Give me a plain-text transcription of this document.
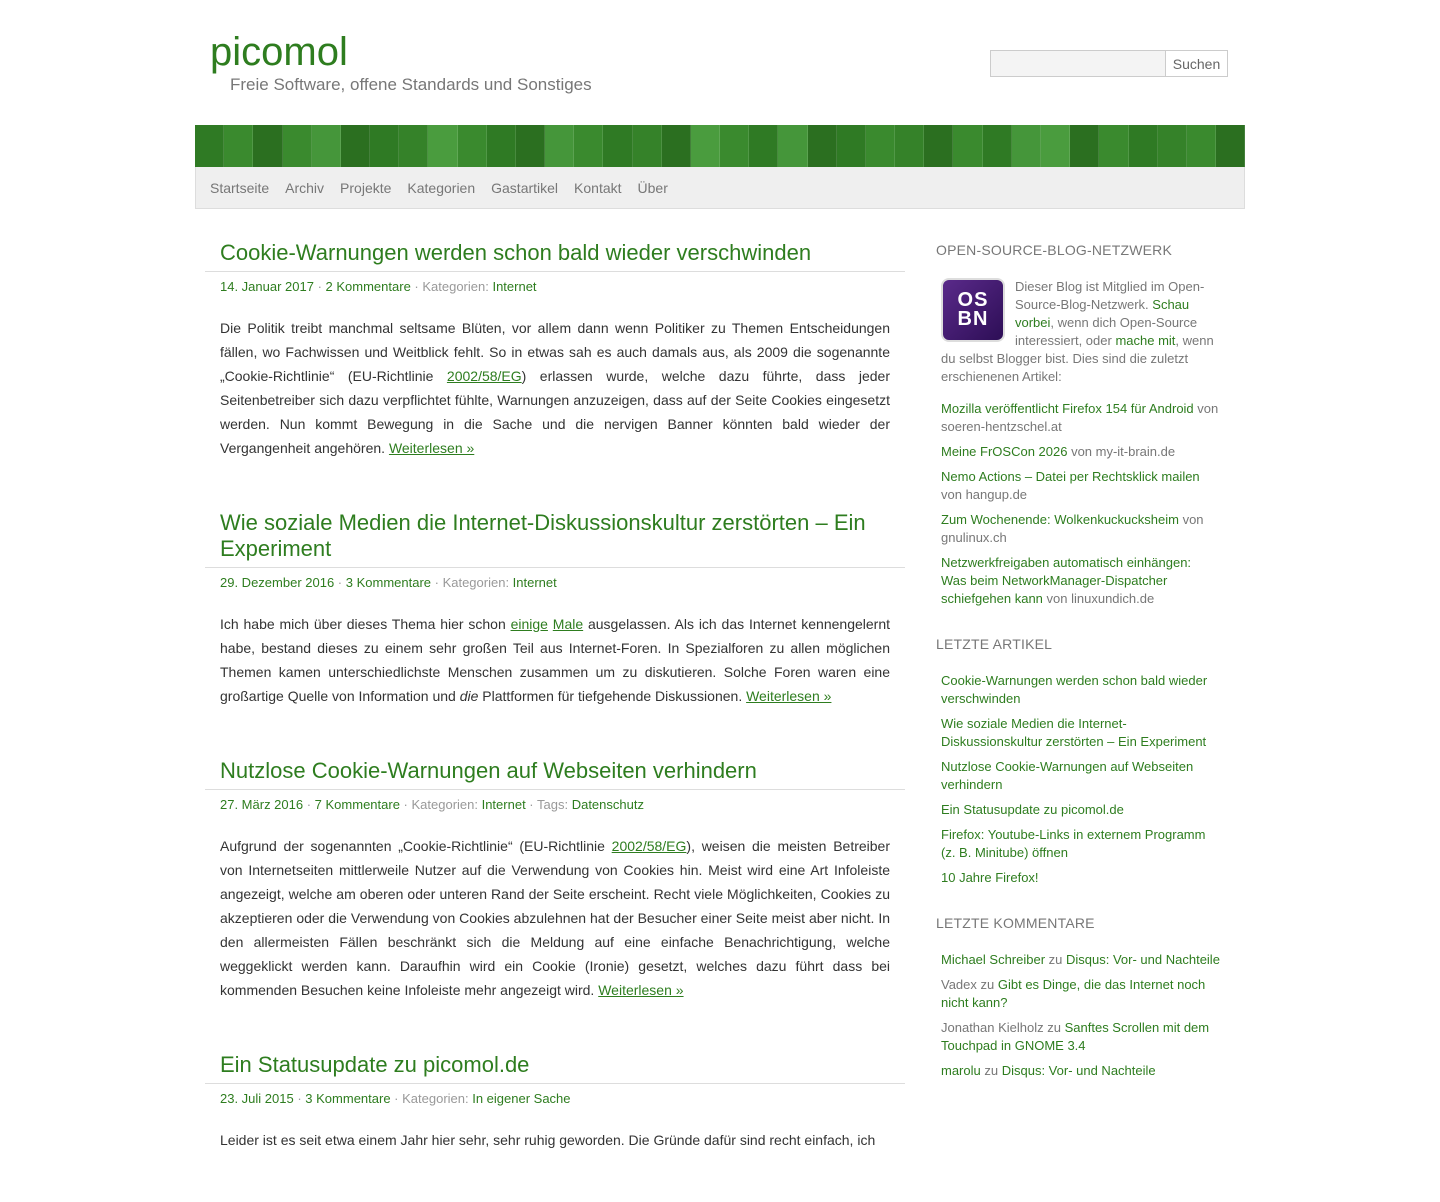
picomol
Freie Software, offene Standards und Sonstiges
Suchen
Startseite Archiv Projekte Kategorien Gastartikel Kontakt Über
Cookie-Warnungen werden schon bald wieder verschwinden
14. Januar 2017 · 2 Kommentare · Kategorien: Internet

Die Politik treibt manchmal seltsame Blüten, vor allem dann wenn Politiker zu Themen Entscheidungen fällen, wo Fachwissen und Weitblick fehlt. So in etwas sah es auch damals aus, als 2009 die sogenannte „Cookie-Richtlinie“ (EU-Richtlinie 2002/58/EG) erlassen wurde, welche dazu führte, dass jeder Seitenbetreiber sich dazu verpflichtet fühlte, Warnungen anzuzeigen, dass auf der Seite Cookies eingesetzt werden. Nun kommt Bewegung in die Sache und die nervigen Banner könnten bald wieder der Vergangenheit angehören. Weiterlesen »

Wie soziale Medien die Internet-Diskussionskultur zerstörten – Ein Experiment
29. Dezember 2016 · 3 Kommentare · Kategorien: Internet

Ich habe mich über dieses Thema hier schon einige Male ausgelassen. Als ich das Internet kennengelernt habe, bestand dieses zu einem sehr großen Teil aus Internet-Foren. In Spezialforen zu allen möglichen Themen kamen unterschiedlichste Menschen zusammen um zu diskutieren. Solche Foren waren eine großartige Quelle von Information und die Plattformen für tiefgehende Diskussionen. Weiterlesen »

Nutzlose Cookie-Warnungen auf Webseiten verhindern
27. März 2016 · 7 Kommentare · Kategorien: Internet · Tags: Datenschutz

Aufgrund der sogenannten „Cookie-Richtlinie“ (EU-Richtlinie 2002/58/EG), weisen die meisten Betreiber von Internetseiten mittlerweile Nutzer auf die Verwendung von Cookies hin. Meist wird eine Art Infoleiste angezeigt, welche am oberen oder unteren Rand der Seite erscheint. Recht viele Möglichkeiten, Cookies zu akzeptieren oder die Verwendung von Cookies abzulehnen hat der Besucher einer Seite meist aber nicht. In den allermeisten Fällen beschränkt sich die Meldung auf eine einfache Benachrichtigung, welche weggeklickt werden kann. Daraufhin wird ein Cookie (Ironie) gesetzt, welches dazu führt dass bei kommenden Besuchen keine Infoleiste mehr angezeigt wird. Weiterlesen »

Ein Statusupdate zu picomol.de
23. Juli 2015 · 3 Kommentare · Kategorien: In eigener Sache

Leider ist es seit etwa einem Jahr hier sehr, sehr ruhig geworden. Die Gründe dafür sind recht einfach, ich

OPEN-SOURCE-BLOG-NETZWERK
OS
BN
Dieser Blog ist Mitglied im Open-Source-Blog-Netzwerk. Schau vorbei, wenn dich Open-Source interessiert, oder mache mit, wenn du selbst Blogger bist. Dies sind die zuletzt erschienenen Artikel:
Mozilla veröffentlicht Firefox 154 für Android von soeren-hentzschel.at
Meine FrOSCon 2026 von my-it-brain.de
Nemo Actions – Datei per Rechtsklick mailen von hangup.de
Zum Wochenende: Wolkenkuckucksheim von gnulinux.ch
Netzwerkfreigaben automatisch einhängen: Was beim NetworkManager-Dispatcher schiefgehen kann von linuxundich.de
LETZTE ARTIKEL
Cookie-Warnungen werden schon bald wieder verschwinden
Wie soziale Medien die Internet-Diskussionskultur zerstörten – Ein Experiment
Nutzlose Cookie-Warnungen auf Webseiten verhindern
Ein Statusupdate zu picomol.de
Firefox: Youtube-Links in externem Programm (z. B. Minitube) öffnen
10 Jahre Firefox!
LETZTE KOMMENTARE
Michael Schreiber zu Disqus: Vor- und Nachteile
Vadex zu Gibt es Dinge, die das Internet noch nicht kann?
Jonathan Kielholz zu Sanftes Scrollen mit dem Touchpad in GNOME 3.4
marolu zu Disqus: Vor- und Nachteile
